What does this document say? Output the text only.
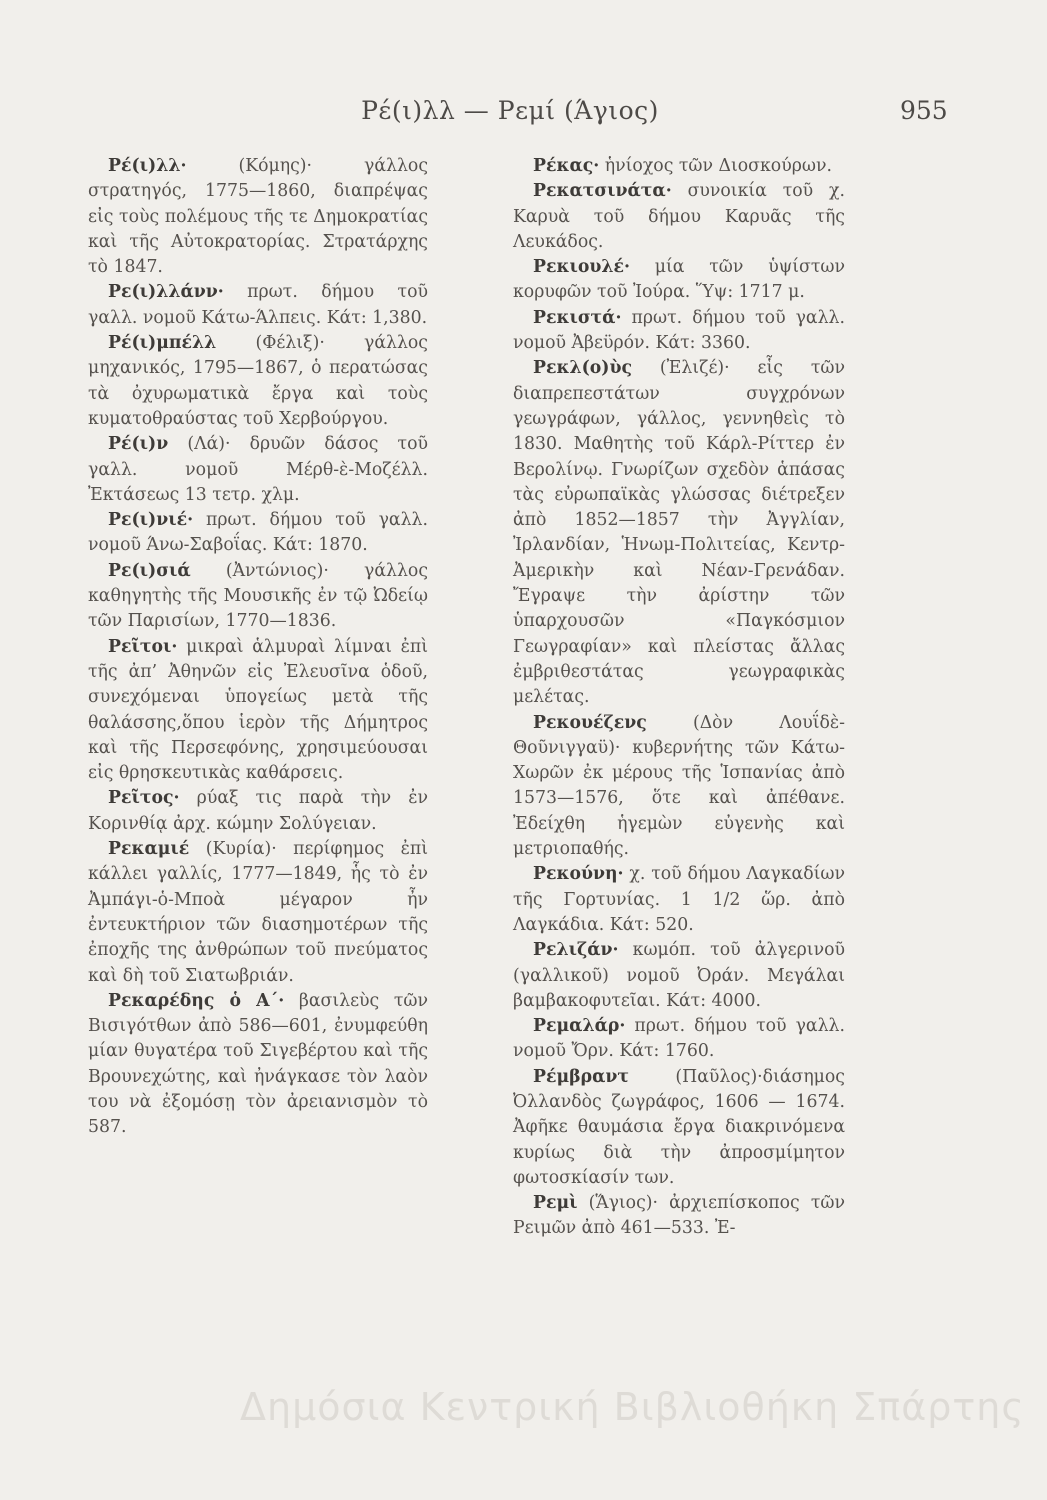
Ρέ(ι)λλ — Ρεμί (Άγιος)	955

Ρέ(ι)λλ· (Κόμης)· γάλλος στρατηγός, 1775—1860, διαπρέψας εἰς τοὺς πολέμους τῆς τε Δημοκρατίας καὶ τῆς Αὐτοκρατορίας. Στρατάρχης τὸ 1847.

Ρε(ι)λλάνν· πρωτ. δήμου τοῦ γαλλ. νομοῦ Κάτω-Άλπεις. Κάτ: 1,380.

Ρέ(ι)μπέλλ (Φέλιξ)· γάλλος μηχανικός, 1795—1867, ὁ περατώσας τὰ ὀχυρωματικὰ ἔργα καὶ τοὺς κυματοθραύστας τοῦ Χερβούργου.

Ρέ(ι)ν (Λά)· δρυῶν δάσος τοῦ γαλλ. νομοῦ Μέρθ-ὲ-Μοζέλλ. Ἐκτάσεως 13 τετρ. χλμ.

Ρε(ι)νιέ· πρωτ. δήμου τοῦ γαλλ. νομοῦ Άνω-Σαβοΐας. Κάτ: 1870.

Ρε(ι)σιά (Ἀντώνιος)· γάλλος καθηγητὴς τῆς Μουσικῆς ἐν τῷ Ὠδείῳ τῶν Παρισίων, 1770—1836.

Ρεῖτοι· μικραὶ ἁλμυραὶ λίμναι ἐπὶ τῆς ἀπ’ Ἀθηνῶν εἰς Ἐλευσῖνα ὁδοῦ, συνεχόμεναι ὑπογείως μετὰ τῆς θαλάσσης,ὅπου ἱερὸν τῆς Δήμητρος καὶ τῆς Περσεφόνης, χρησιμεύουσαι εἰς θρησκευτικὰς καθάρσεις.

Ρεῖτος· ρύαξ τις παρὰ τὴν ἐν Κορινθίᾳ ἀρχ. κώμην Σολύγειαν.

Ρεκαμιέ (Κυρία)· περίφημος ἐπὶ κάλλει γαλλίς, 1777—1849, ἧς τὸ ἐν Ἀμπάγι-ὁ-Μποὰ μέγαρον ἦν ἐντευκτήριον τῶν διασημοτέρων τῆς ἐποχῆς της ἀνθρώπων τοῦ πνεύματος καὶ δὴ τοῦ Σιατωβριάν.

Ρεκαρέδης ὁ Α΄· βασιλεὺς τῶν Βισιγότθων ἀπὸ 586—601, ἐνυμφεύθη μίαν θυγατέρα τοῦ Σιγεβέρτου καὶ τῆς Βρουνεχώτης, καὶ ἠνάγκασε τὸν λαὸν του νὰ ἐξομόσῃ τὸν ἀρειανισμὸν τὸ 587.

Ρέκας· ἡνίοχος τῶν Διοσκούρων.

Ρεκατσινάτα· συνοικία τοῦ χ. Καρυὰ τοῦ δήμου Καρυᾶς τῆς Λευκάδος.

Ρεκιουλέ· μία τῶν ὑψίστων κορυφῶν τοῦ Ἰούρα. Ὕψ: 1717 μ.

Ρεκιστά· πρωτ. δήμου τοῦ γαλλ. νομοῦ Ἀβεϋρόν. Κάτ: 3360.

Ρεκλ(ο)ὺς (Ἐλιζέ)· εἷς τῶν διαπρεπεστάτων συγχρόνων γεωγράφων, γάλλος, γεννηθεὶς τὸ 1830. Μαθητὴς τοῦ Κάρλ-Ρίττερ ἐν Βερολίνῳ. Γνωρίζων σχεδὸν ἁπάσας τὰς εὐρωπαϊκὰς γλώσσας διέτρεξεν ἀπὸ 1852—1857 τὴν Ἀγγλίαν, Ἰρλανδίαν, Ἡνωμ-Πολιτείας, Κεντρ-Ἀμερικὴν καὶ Νέαν-Γρενάδαν. Ἔγραψε τὴν ἀρίστην τῶν ὑπαρχουσῶν «Παγκόσμιον Γεωγραφίαν» καὶ πλείστας ἄλλας ἐμβριθεστάτας γεωγραφικὰς μελέτας.

Ρεκουέζενς (Δὸν Λουΐδὲ-Θοῦνιγγαϋ)· κυβερνήτης τῶν Κάτω-Χωρῶν ἐκ μέρους τῆς Ἱσπανίας ἀπὸ 1573—1576, ὅτε καὶ ἀπέθανε. Ἐδείχθη ἡγεμὼν εὐγενὴς καὶ μετριοπαθής.

Ρεκούνη· χ. τοῦ δήμου Λαγκαδίων τῆς Γορτυνίας. 1 1/2 ὥρ. ἀπὸ Λαγκάδια. Κάτ: 520.

Ρελιζάν· κωμόπ. τοῦ ἀλγερινοῦ (γαλλικοῦ) νομοῦ Ὀράν. Μεγάλαι βαμβακοφυτεῖαι. Κάτ: 4000.

Ρεμαλάρ· πρωτ. δήμου τοῦ γαλλ. νομοῦ Ὄρν. Κάτ: 1760.

Ρέμβραντ (Παῦλος)·διάσημος Ὀλλανδὸς ζωγράφος, 1606 — 1674. Ἀφῆκε θαυμάσια ἔργα διακρινόμενα κυρίως διὰ τὴν ἀπροσμίμητον φωτοσκίασίν των.

Ρεμὶ (Ἅγιος)· ἀρχιεπίσκοπος τῶν Ρειμῶν ἀπὸ 461—533. Ἐ-

Δημόσια Κεντρική Βιβλιοθήκη Σπάρτης
